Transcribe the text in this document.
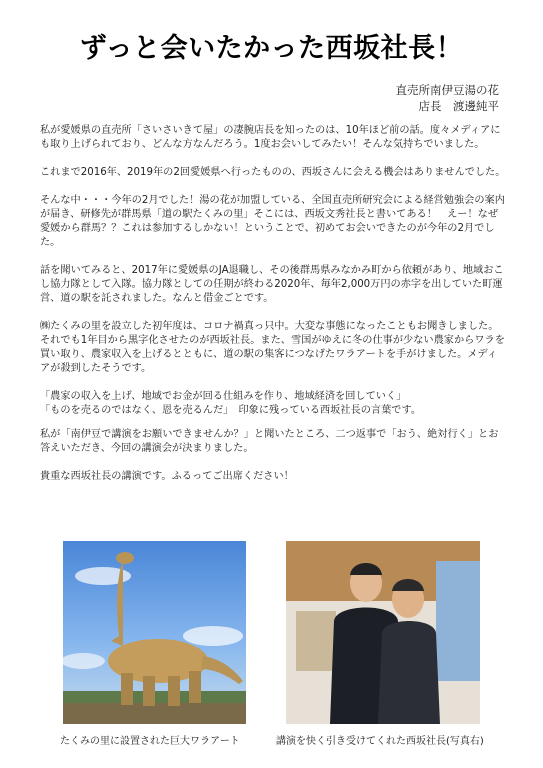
ずっと会いたかった西坂社長！
直売所南伊豆湯の花
店長　渡邊純平

私が愛媛県の直売所「さいさいきて屋」の凄腕店長を知ったのは、10年ほど前の話。度々メディアにも取り上げられており、どんな方なんだろう。1度お会いしてみたい！そんな気持ちでいました。

これまで2016年、2019年の2回愛媛県へ行ったものの、西坂さんに会える機会はありませんでした。

そんな中・・・今年の2月でした！湯の花が加盟している、全国直売所研究会による経営勉強会の案内が届き、研修先が群馬県「道の駅たくみの里」そこには、西坂文秀社長と書いてある！　えー！なぜ愛媛から群馬？？これは参加するしかない！ということで、初めてお会いできたのが今年の2月でした。

話を聞いてみると、2017年に愛媛県のJA退職し、その後群馬県みなかみ町から依頼があり、地域おこし協力隊として入隊。協力隊としての任期が終わる2020年、毎年2,000万円の赤字を出していた町運営、道の駅を託されました。なんと借金ごとです。

㈱たくみの里を設立した初年度は、コロナ禍真っ只中。大変な事態になったこともお聞きしました。それでも1年目から黒字化させたのが西坂社長。また、雪国がゆえに冬の仕事が少ない農家からワラを買い取り、農家収入を上げるとともに、道の駅の集客につなげたワラアートを手がけました。メディアが殺到したそうです。

「農家の収入を上げ、地域でお金が回る仕組みを作り、地域経済を回していく」
「ものを売るのではなく、恩を売るんだ」　印象に残っている西坂社長の言葉です。

私が「南伊豆で講演をお願いできませんか？」と聞いたところ、二つ返事で「おう、絶対行く」とお答えいただき、今回の講演会が決まりました。

貴重な西坂社長の講演です。ふるってご出席ください！

たくみの里に設置された巨大ワラアート	講演を快く引き受けてくれた西坂社長(写真右)
